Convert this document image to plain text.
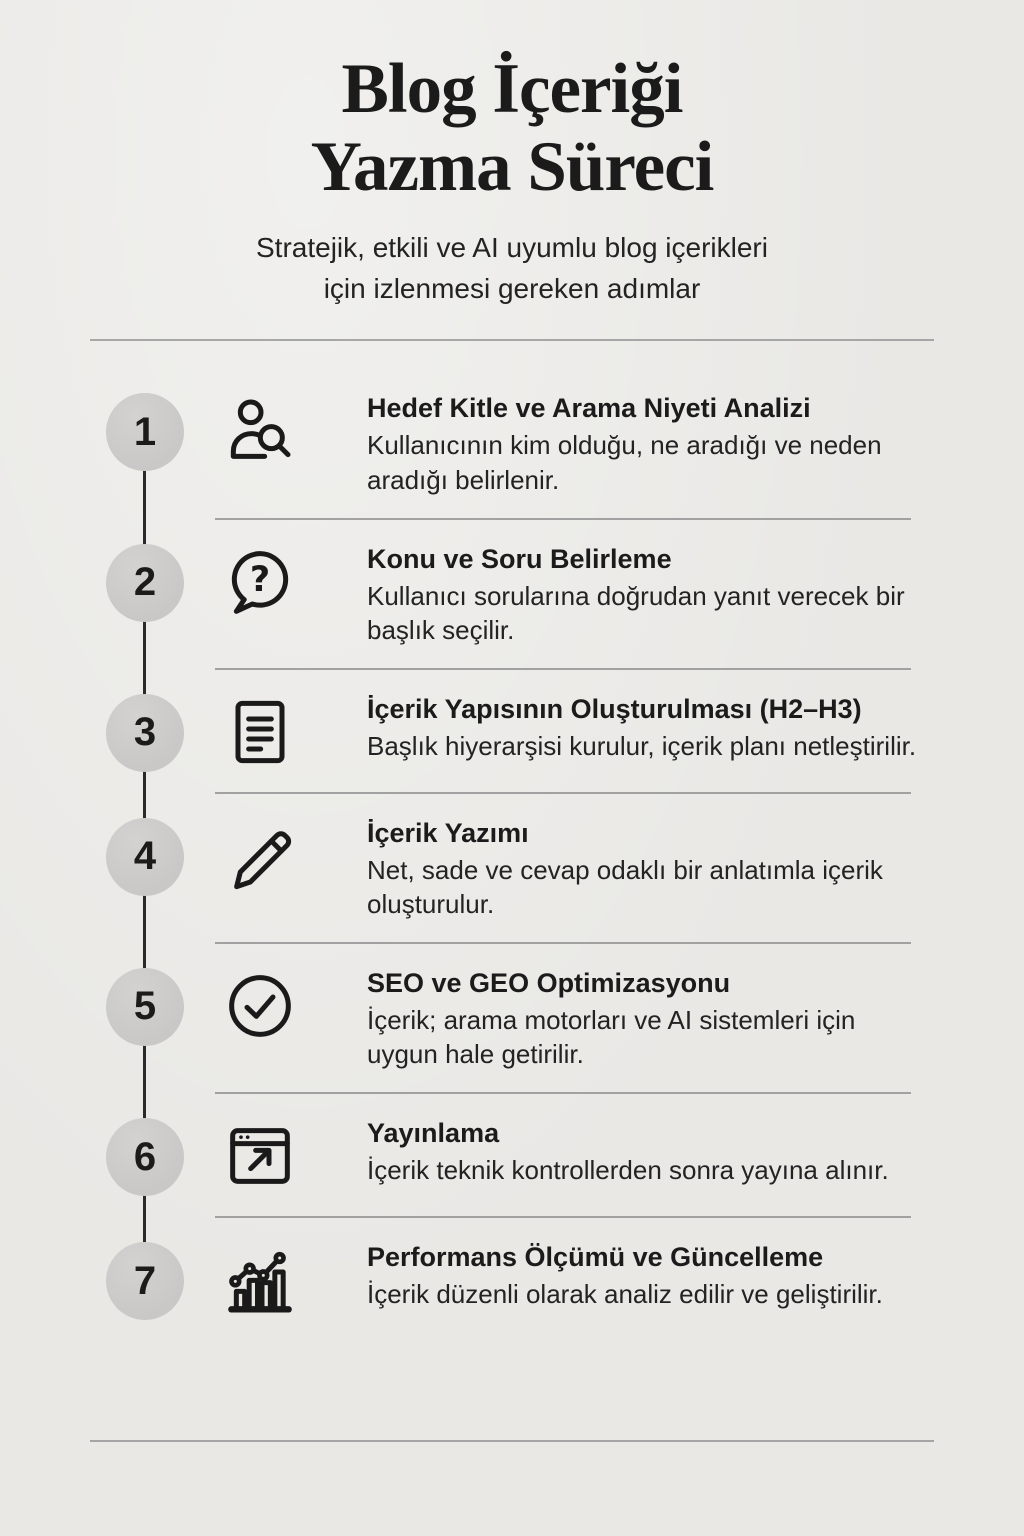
Blog İçeriği
Yazma Süreci
Stratejik, etkili ve AI uyumlu blog içerikleri
için izlenmesi gereken adımlar
1
Hedef Kitle ve Arama Niyeti Analizi
Kullanıcının kim olduğu, ne aradığı ve neden aradığı belirlenir.
2	?
Konu ve Soru Belirleme
Kullanıcı sorularına doğrudan yanıt verecek bir başlık seçilir.
3
İçerik Yapısının Oluşturulması (H2–H3)
Başlık hiyerarşisi kurulur, içerik planı netleştirilir.
4
İçerik Yazımı
Net, sade ve cevap odaklı bir anlatımla içerik oluşturulur.
5
SEO ve GEO Optimizasyonu
İçerik; arama motorları ve AI sistemleri için uygun hale getirilir.
6
Yayınlama
İçerik teknik kontrollerden sonra yayına alınır.
7
Performans Ölçümü ve Güncelleme
İçerik düzenli olarak analiz edilir ve geliştirilir.
